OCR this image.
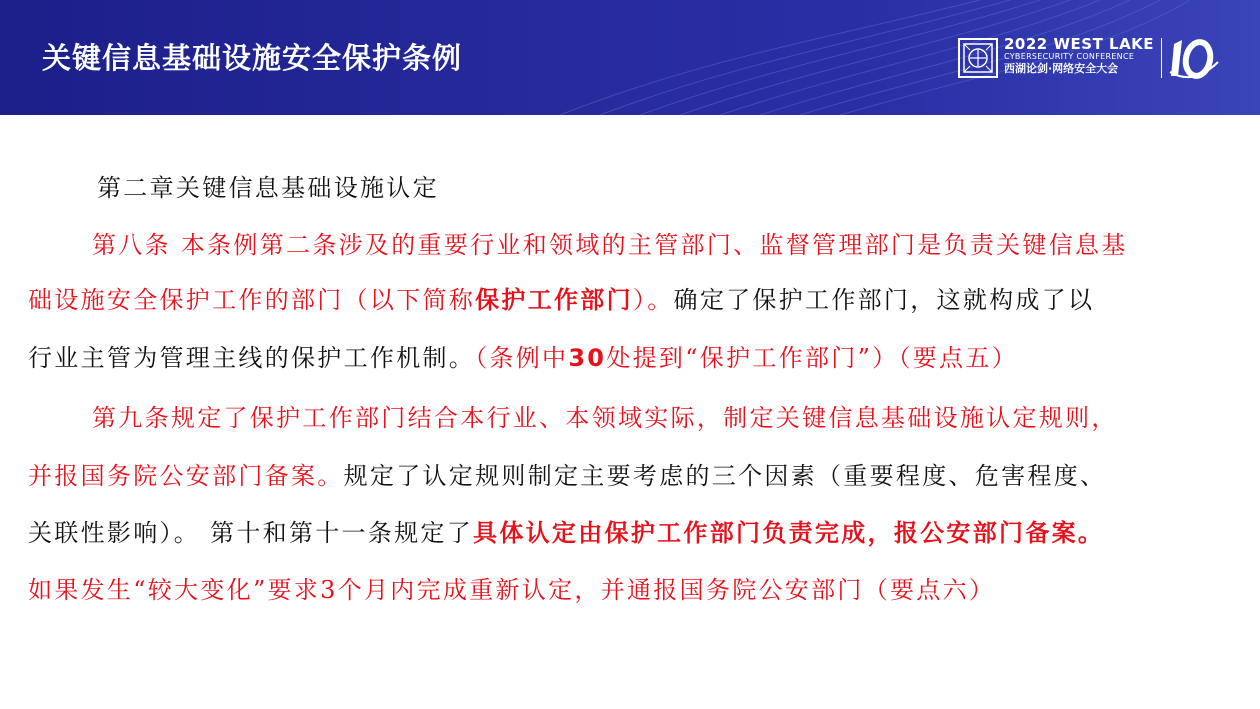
关键信息基础设施安全保护条例	2022 WEST LAKE
CYBERSECURITY CONFERENCE
西湖论剑·网络安全大会
第二章关键信息基础设施认定
第八条 本条例第二条涉及的重要行业和领域的主管部门、监督管理部门是负责关键信息基
础设施安全保护工作的部门（以下简称保护工作部门）。确定了保护工作部门，这就构成了以
行业主管为管理主线的保护工作机制。（条例中30处提到“保护工作部门”）（要点五）
第九条规定了保护工作部门结合本行业、本领域实际，制定关键信息基础设施认定规则，
并报国务院公安部门备案。规定了认定规则制定主要考虑的三个因素（重要程度、危害程度、
关联性影响）。 第十和第十一条规定了具体认定由保护工作部门负责完成，报公安部门备案。
如果发生“较大变化”要求3个月内完成重新认定，并通报国务院公安部门（要点六）
